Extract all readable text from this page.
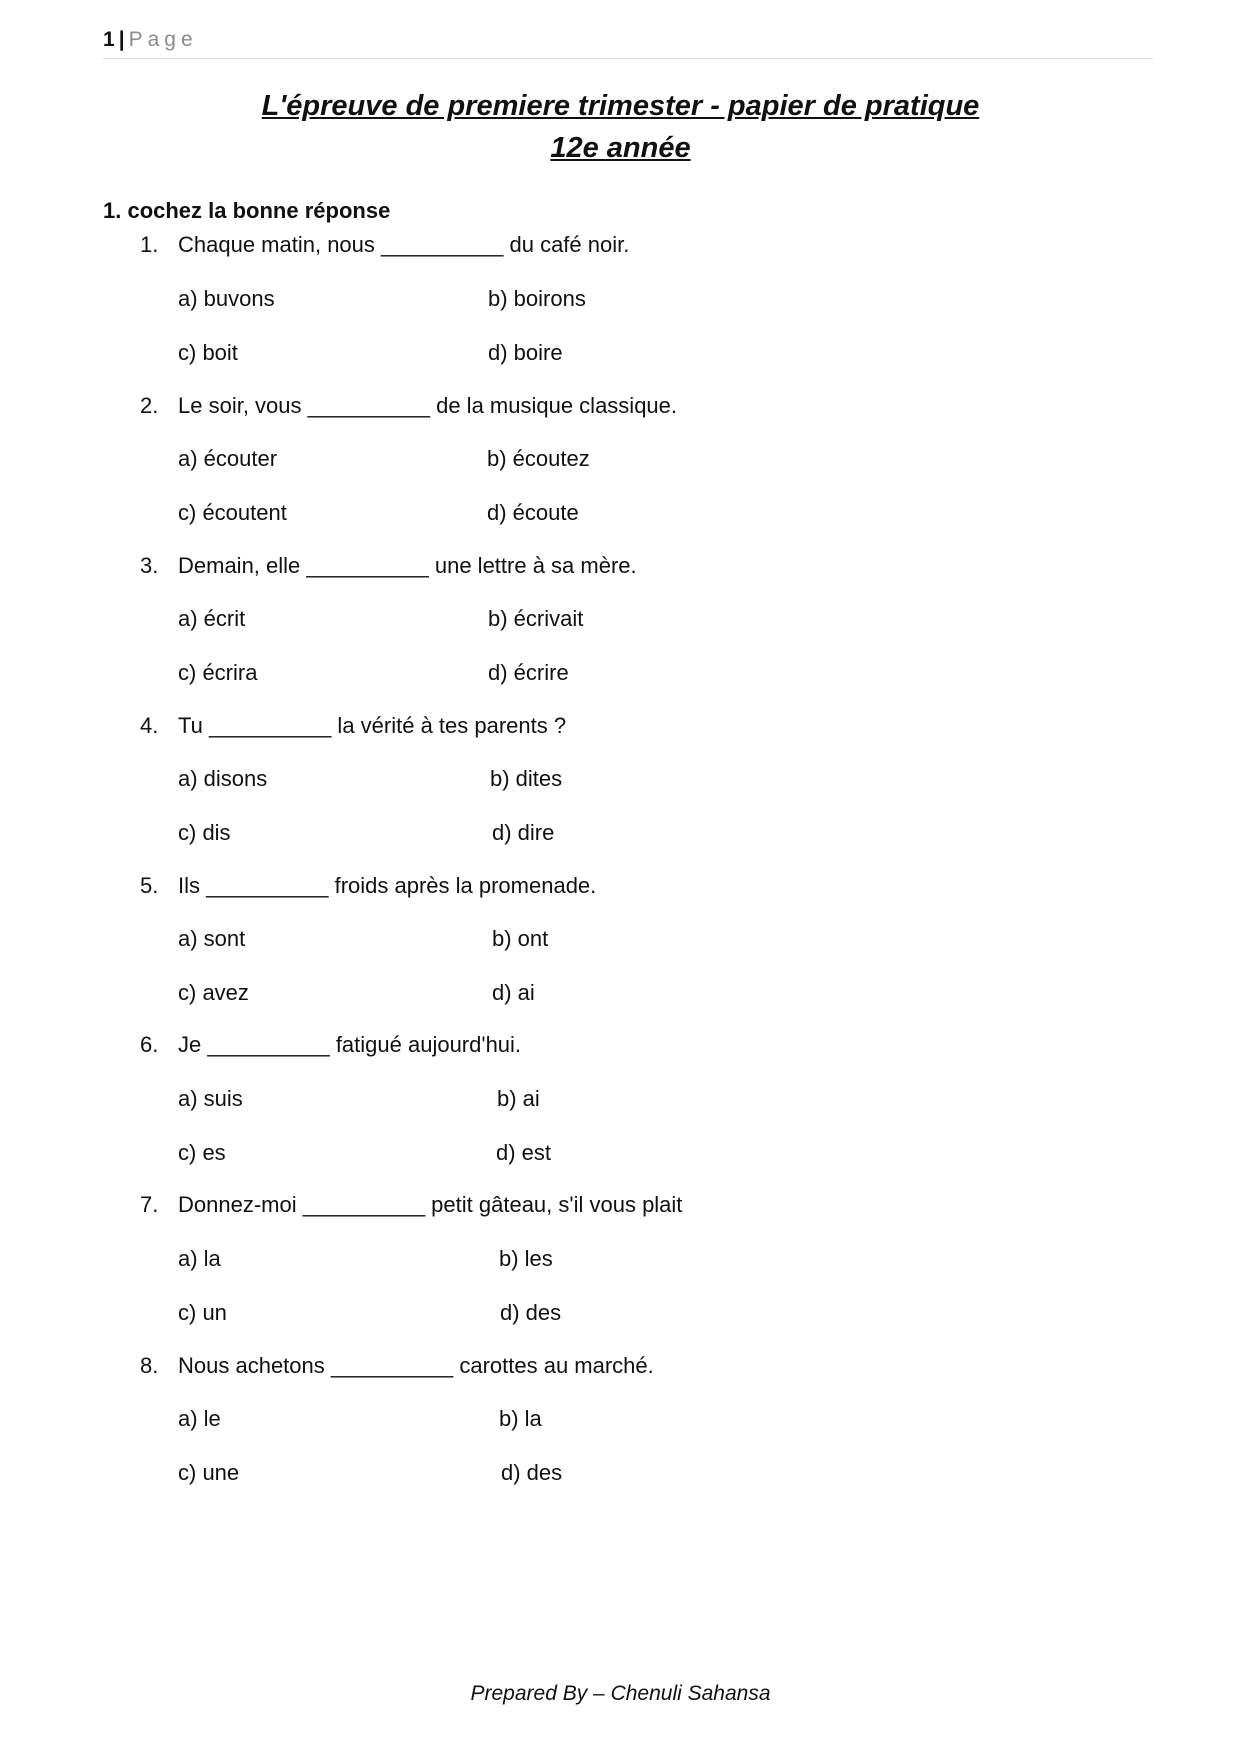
1 | Page
L'épreuve de premiere trimester - papier de pratique
12e année
1. cochez la bonne réponse
1. Chaque matin, nous __________ du café noir.
a) buvons	b) boirons
c) boit	d) boire
2. Le soir, vous __________ de la musique classique.
a) écouter	b) écoutez
c) écoutent	d) écoute
3. Demain, elle __________ une lettre à sa mère.
a) écrit	b) écrivait
c) écrira	d) écrire
4. Tu __________ la vérité à tes parents ?
a) disons	b) dites
c) dis	d) dire
5. Ils __________ froids après la promenade.
a) sont	b) ont
c) avez	d) ai
6. Je __________ fatigué aujourd'hui.
a) suis	b) ai
c) es	d) est
7. Donnez-moi __________ petit gâteau, s'il vous plait
a) la	b) les
c) un	d) des
8. Nous achetons __________ carottes au marché.
a) le	b) la
c) une	d) des
Prepared By – Chenuli Sahansa
